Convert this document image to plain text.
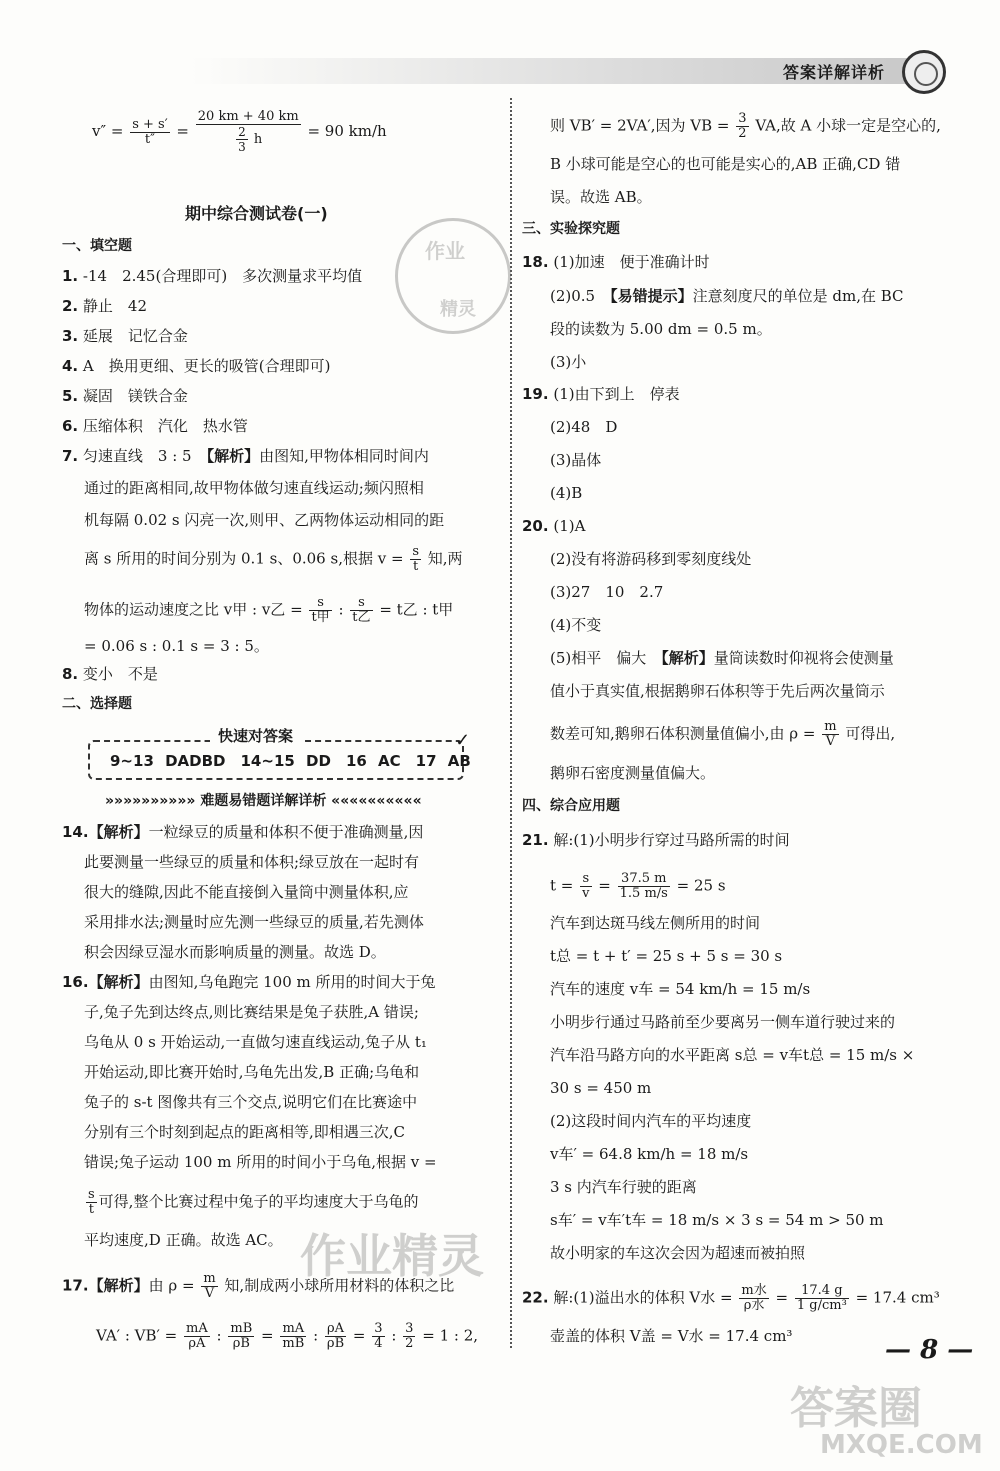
答案详解详析
$v'' = \frac{s + s'}{t''} = \frac{20 km + 40 km}{\frac{2}{3} h} = 90$ km/h
期中综合测试卷(一)
作业
精灵
一、填空题
1. -14　2.45(合理即可)　多次测量求平均值
2. 静止　42
3. 延展　记忆合金
4. A　换用更细、更长的吸管(合理即可)
5. 凝固　镁铁合金
6. 压缩体积　汽化　热水管
7. 匀速直线　3 : 5　【解析】由图知,甲物体相同时间内
通过的距离相同,故甲物体做匀速直线运动;频闪照相
机每隔 0.02 s 闪亮一次,则甲、乙两物体运动相同的距
离 s 所用的时间分别为 0.1 s、0.06 s,根据 $v = \frac{s}{t}$ 知,两
物体的运动速度之比 v甲 : v乙 = $\frac{s}{\text{t甲}}$ : $\frac{s}{\text{t乙}} = t$乙 : t甲
= 0.06 s : 0.1 s = 3 : 5。
8. 变小　不是
二、选择题
快速对答案
9~13 DADBD　14~15 DD　16 AC　17 AB
✓
»»»»»»»»»» 难题易错题详解详析 ««««««««««
14.【解析】一粒绿豆的质量和体积不便于准确测量,因
此要测量一些绿豆的质量和体积;绿豆放在一起时有
很大的缝隙,因此不能直接倒入量筒中测量体积,应
采用排水法;测量时应先测一些绿豆的质量,若先测体
积会因绿豆湿水而影响质量的测量。故选 D。
16.【解析】由图知,乌龟跑完 100 m 所用的时间大于兔
子,兔子先到达终点,则比赛结果是兔子获胜,A 错误;
乌龟从 0 s 开始运动,一直做匀速直线运动,兔子从 t₁
开始运动,即比赛开始时,乌龟先出发,B 正确;乌龟和
兔子的 s-t 图像共有三个交点,说明它们在比赛途中
分别有三个时刻到起点的距离相等,即相遇三次,C
错误;兔子运动 100 m 所用的时间小于乌龟,根据 v =
$\frac{s}{t}$ 可得,整个比赛过程中兔子的平均速度大于乌龟的
平均速度,D 正确。故选 AC。
17.【解析】由 $\rho = \frac{m}{V}$ 知,制成两小球所用材料的体积之比
VA′ : $VB' = \frac{mA}{\rho A}$ : $\frac{mB}{\rho B} = \frac{mA}{mB}$ : $\frac{\rho A}{\rho B} = \frac{3}{4}$ : $\frac{3}{2} = 1$ : 2,
作业精灵
则 VB′ = 2VA′,因为 VB = $\frac{3}{2}$ VA,故 A 小球一定是空心的,
B 小球可能是空心的也可能是实心的,AB 正确,CD 错
误。故选 AB。
三、实验探究题
18. (1)加速　便于准确计时
(2)0.5　【易错提示】注意刻度尺的单位是 dm,在 BC
段的读数为 5.00 dm = 0.5 m。
(3)小
19. (1)由下到上　停表
(2)48　D
(3)晶体
(4)B
20. (1)A
(2)没有将游码移到零刻度线处
(3)27　10　2.7
(4)不变
(5)相平　偏大　【解析】量筒读数时仰视将会使测量
值小于真实值,根据鹅卵石体积等于先后两次量筒示
数差可知,鹅卵石体积测量值偏小,由 $\rho = \frac{m}{V}$ 可得出,
鹅卵石密度测量值偏大。
四、综合应用题
21. 解:(1)小明步行穿过马路所需的时间
$t = \frac{s}{v} = \frac{37.5 m}{1.5 m/s} = 25$ s
汽车到达斑马线左侧所用的时间
t总 = t + t′ = 25 s + 5 s = 30 s
汽车的速度 v车 = 54 km/h = 15 m/s
小明步行通过马路前至少要离另一侧车道行驶过来的
汽车沿马路方向的水平距离 s总 = v车t总 = 15 m/s ×
30 s = 450 m
(2)这段时间内汽车的平均速度
v车′ = 64.8 km/h = 18 m/s
3 s 内汽车行驶的距离
s车′ = v车′t车 = 18 m/s × 3 s = 54 m > 50 m
故小明家的车这次会因为超速而被拍照
22. 解:(1)溢出水的体积 V水 = $\frac{\text{m水}}{\text{ρ水}} = \frac{17.4 g}{\text{1 g/cm³}} = 17.4$ cm³
壶盖的体积 V盖 = V水 = 17.4 cm³	— 8 —
答案圈
MXQE.COM
